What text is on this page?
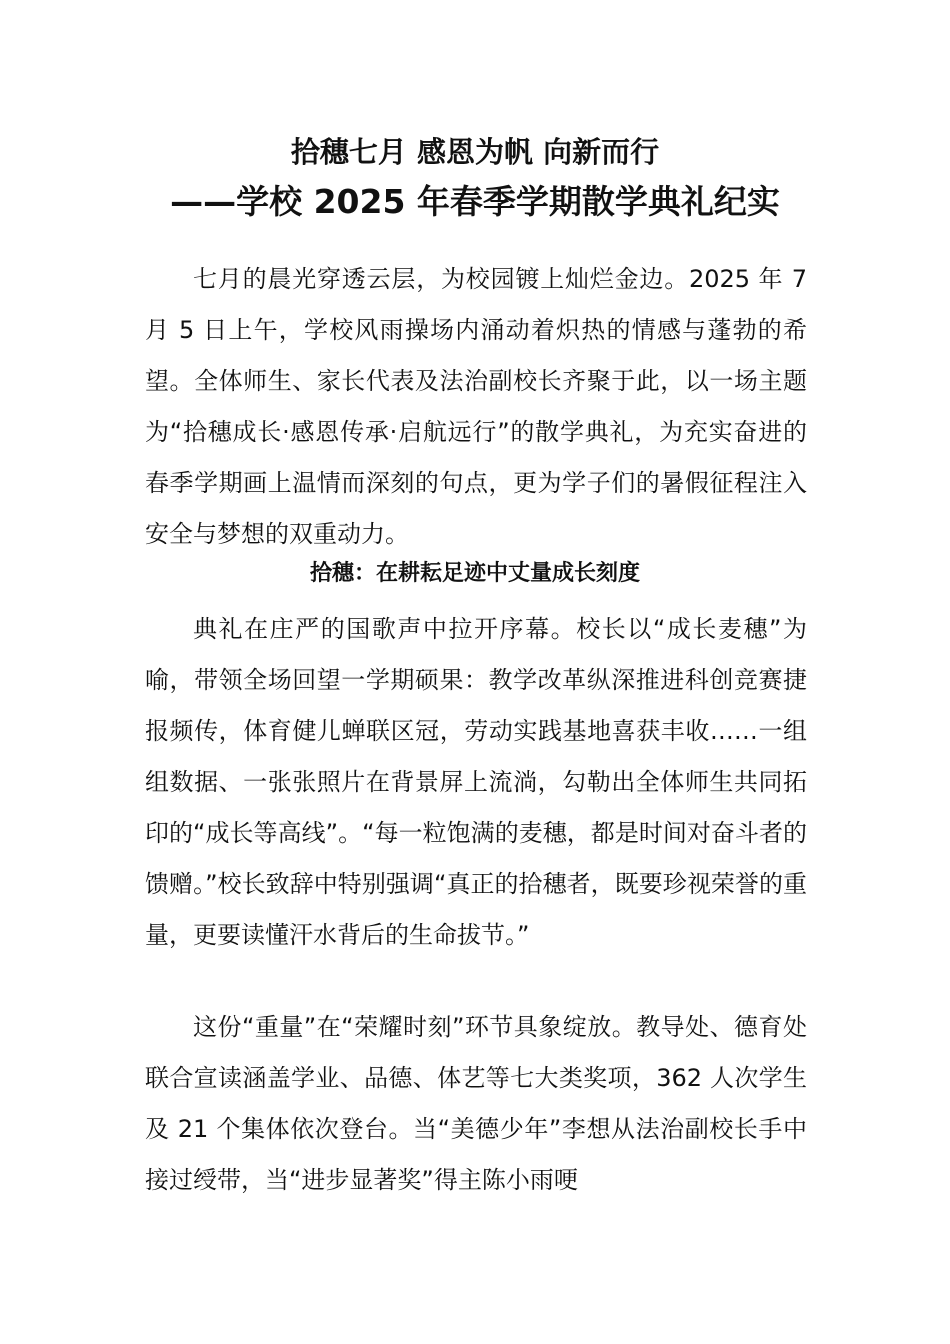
拾穗七月 感恩为帆 向新而行

——学校 2025 年春季学期散学典礼纪实

七月的晨光穿透云层，为校园镀上灿烂金边。2025 年 7 月 5 日上午，学校风雨操场内涌动着炽热的情感与蓬勃的希望。全体师生、家长代表及法治副校长齐聚于此，以一场主题为“拾穗成长·感恩传承·启航远行”的散学典礼，为充实奋进的春季学期画上温情而深刻的句点，更为学子们的暑假征程注入安全与梦想的双重动力。

拾穗：在耕耘足迹中丈量成长刻度

典礼在庄严的国歌声中拉开序幕。校长以“成长麦穗”为喻，带领全场回望一学期硕果：教学改革纵深推进科创竞赛捷报频传，体育健儿蝉联区冠，劳动实践基地喜获丰收……一组组数据、一张张照片在背景屏上流淌，勾勒出全体师生共同拓印的“成长等高线”。“每一粒饱满的麦穗，都是时间对奋斗者的馈赠。”校长致辞中特别强调“真正的拾穗者，既要珍视荣誉的重量，更要读懂汗水背后的生命拔节。”

这份“重量”在“荣耀时刻”环节具象绽放。教导处、德育处联合宣读涵盖学业、品德、体艺等七大类奖项，362 人次学生及 21 个集体依次登台。当“美德少年”李想从法治副校长手中接过绶带，当“进步显著奖”得主陈小雨哽
